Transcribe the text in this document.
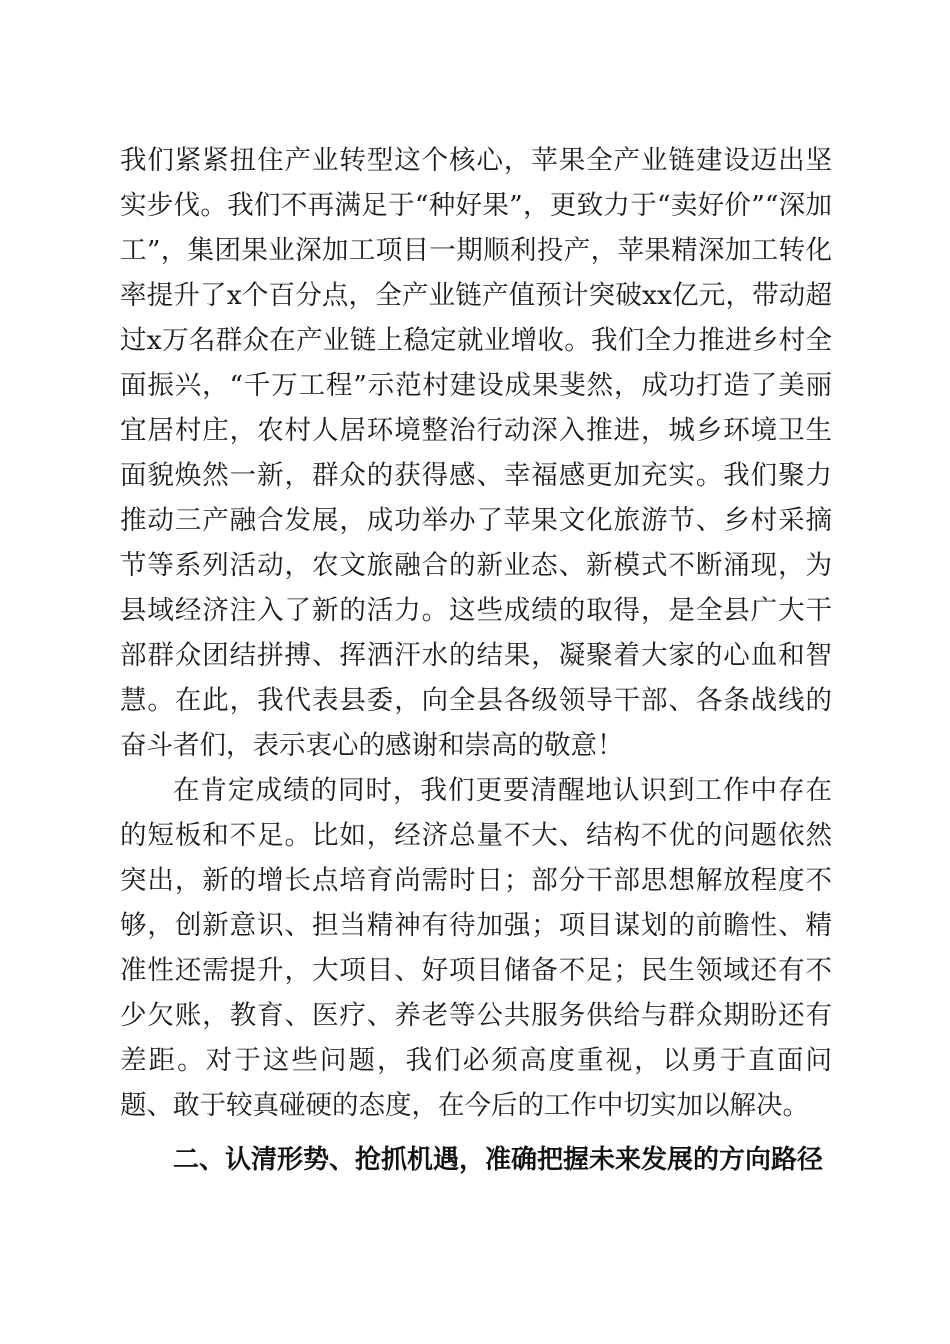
我们紧紧扭住产业转型这个核心，苹果全产业链建设迈出坚实步伐。我们不再满足于“种好果”，更致力于“卖好价”“深加工”，集团果业深加工项目一期顺利投产，苹果精深加工转化率提升了x个百分点，全产业链产值预计突破xx亿元，带动超过x万名群众在产业链上稳定就业增收。我们全力推进乡村全面振兴，“千万工程”示范村建设成果斐然，成功打造了美丽宜居村庄，农村人居环境整治行动深入推进，城乡环境卫生面貌焕然一新，群众的获得感、幸福感更加充实。我们聚力推动三产融合发展，成功举办了苹果文化旅游节、乡村采摘节等系列活动，农文旅融合的新业态、新模式不断涌现，为县域经济注入了新的活力。这些成绩的取得，是全县广大干部群众团结拼搏、挥洒汗水的结果，凝聚着大家的心血和智慧。在此，我代表县委，向全县各级领导干部、各条战线的奋斗者们，表示衷心的感谢和崇高的敬意！

在肯定成绩的同时，我们更要清醒地认识到工作中存在的短板和不足。比如，经济总量不大、结构不优的问题依然突出，新的增长点培育尚需时日；部分干部思想解放程度不够，创新意识、担当精神有待加强；项目谋划的前瞻性、精准性还需提升，大项目、好项目储备不足；民生领域还有不少欠账，教育、医疗、养老等公共服务供给与群众期盼还有差距。对于这些问题，我们必须高度重视，以勇于直面问题、敢于较真碰硬的态度，在今后的工作中切实加以解决。

二、认清形势、抢抓机遇，准确把握未来发展的方向路径
